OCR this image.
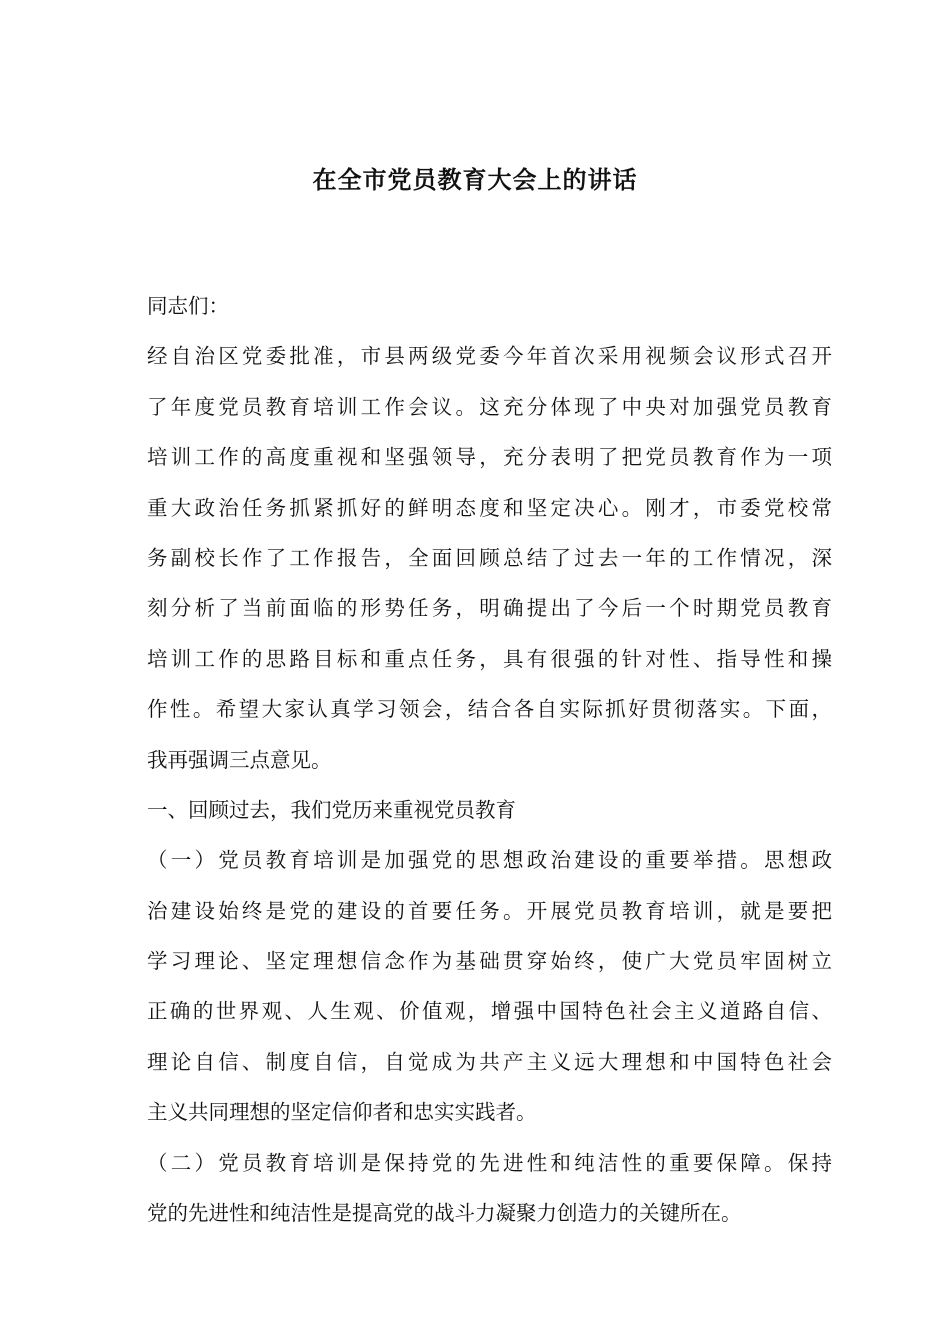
在全市党员教育大会上的讲话
同志们：
经自治区党委批准，市县两级党委今年首次采用视频会议形式召开
了年度党员教育培训工作会议。这充分体现了中央对加强党员教育
培训工作的高度重视和坚强领导，充分表明了把党员教育作为一项
重大政治任务抓紧抓好的鲜明态度和坚定决心。刚才，市委党校常
务副校长作了工作报告，全面回顾总结了过去一年的工作情况，深
刻分析了当前面临的形势任务，明确提出了今后一个时期党员教育
培训工作的思路目标和重点任务，具有很强的针对性、指导性和操
作性。希望大家认真学习领会，结合各自实际抓好贯彻落实。下面，
我再强调三点意见。
一、回顾过去，我们党历来重视党员教育
（一）党员教育培训是加强党的思想政治建设的重要举措。思想政
治建设始终是党的建设的首要任务。开展党员教育培训，就是要把
学习理论、坚定理想信念作为基础贯穿始终，使广大党员牢固树立
正确的世界观、人生观、价值观，增强中国特色社会主义道路自信、
理论自信、制度自信，自觉成为共产主义远大理想和中国特色社会
主义共同理想的坚定信仰者和忠实实践者。
（二）党员教育培训是保持党的先进性和纯洁性的重要保障。保持
党的先进性和纯洁性是提高党的战斗力凝聚力创造力的关键所在。
